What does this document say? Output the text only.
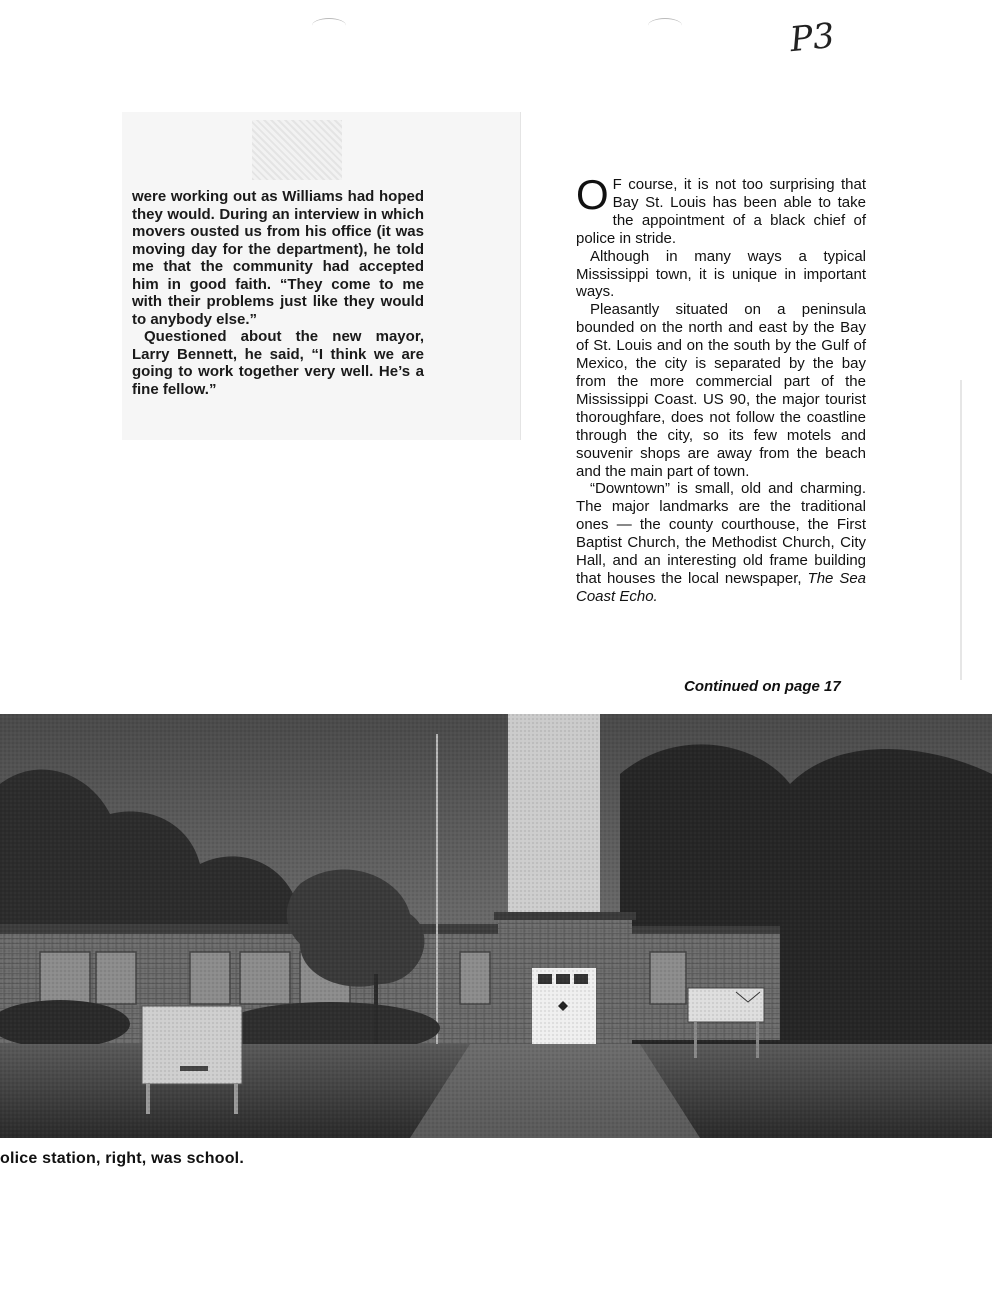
P3

were working out as Williams had hoped they would. During an interview in which movers ousted us from his office (it was moving day for the department), he told me that the community had accepted him in good faith. “They come to me with their problems just like they would to anybody else.”

Questioned about the new mayor, Larry Bennett, he said, “I think we are going to work together very well. He’s a fine fellow.”

O F course, it is not too surprising that Bay St. Louis has been able to take the appointment of a black chief of police in stride.

Although in many ways a typical Mississippi town, it is unique in important ways.

Pleasantly situated on a peninsula bounded on the north and east by the Bay of St. Louis and on the south by the Gulf of Mexico, the city is separated by the bay from the more commercial part of the Mississippi Coast. US 90, the major tourist thoroughfare, does not follow the coastline through the city, so its few motels and souvenir shops are away from the beach and the main part of town.

“Downtown” is small, old and charming. The major landmarks are the traditional ones — the county courthouse, the First Baptist Church, the Methodist Church, City Hall, and an interesting old frame building that houses the local newspaper, The Sea Coast Echo.

Continued on page 17
olice station, right, was school.
